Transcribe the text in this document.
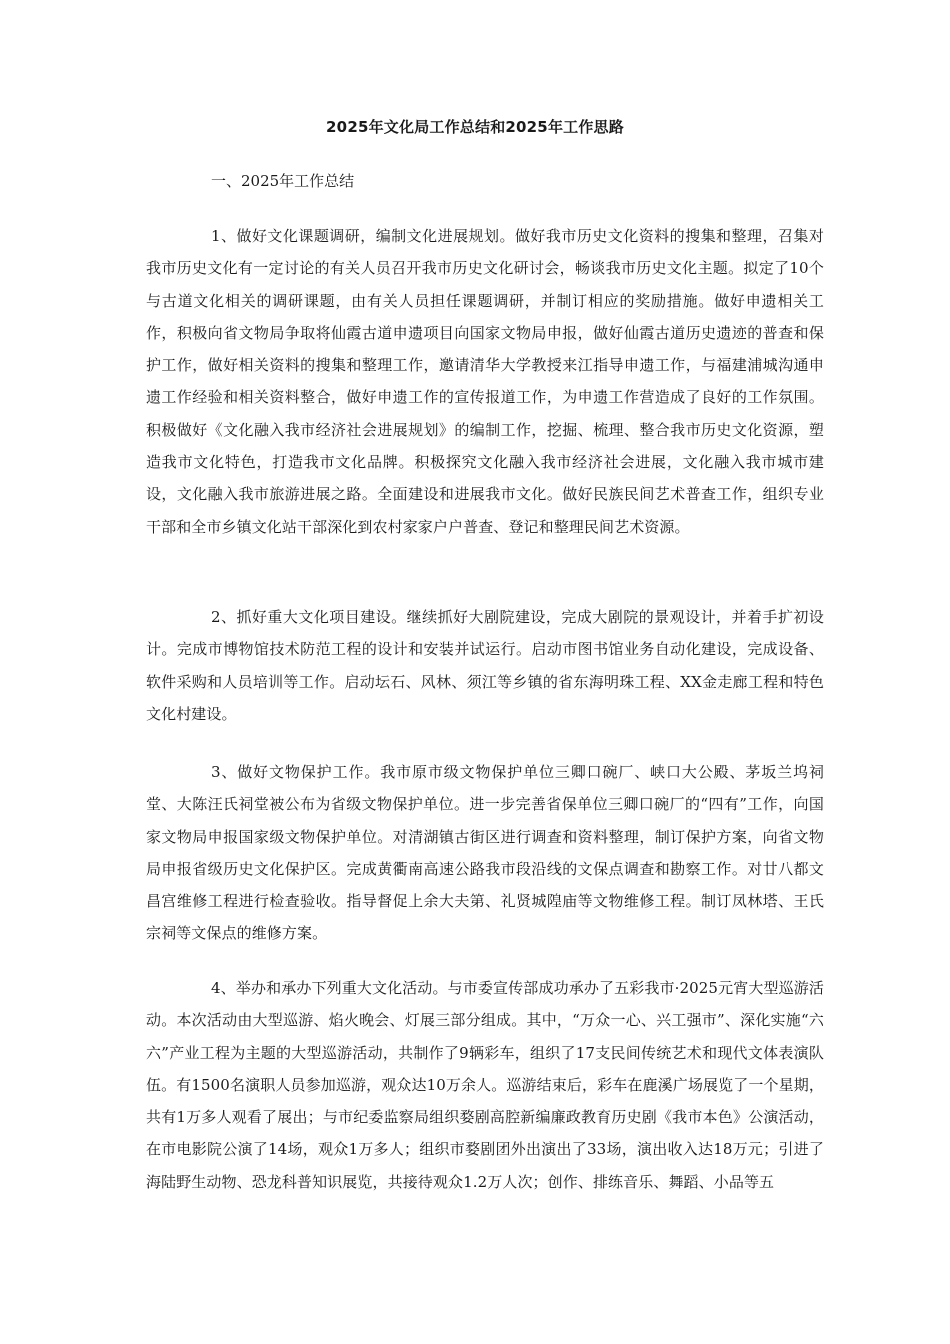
2025年文化局工作总结和2025年工作思路
一、2025年工作总结

1、做好文化课题调研，编制文化进展规划。做好我市历史文化资料的搜集和整理，召集对我市历史文化有一定讨论的有关人员召开我市历史文化研讨会，畅谈我市历史文化主题。拟定了10个与古道文化相关的调研课题，由有关人员担任课题调研，并制订相应的奖励措施。做好申遗相关工作，积极向省文物局争取将仙霞古道申遗项目向国家文物局申报，做好仙霞古道历史遗迹的普查和保护工作，做好相关资料的搜集和整理工作，邀请清华大学教授来江指导申遗工作，与福建浦城沟通申遗工作经验和相关资料整合，做好申遗工作的宣传报道工作，为申遗工作营造成了良好的工作氛围。积极做好《文化融入我市经济社会进展规划》的编制工作，挖掘、梳理、整合我市历史文化资源，塑造我市文化特色，打造我市文化品牌。积极探究文化融入我市经济社会进展，文化融入我市城市建设，文化融入我市旅游进展之路。全面建设和进展我市文化。做好民族民间艺术普查工作，组织专业干部和全市乡镇文化站干部深化到农村家家户户普查、登记和整理民间艺术资源。

2、抓好重大文化项目建设。继续抓好大剧院建设，完成大剧院的景观设计，并着手扩初设计。完成市博物馆技术防范工程的设计和安装并试运行。启动市图书馆业务自动化建设，完成设备、软件采购和人员培训等工作。启动坛石、风林、须江等乡镇的省东海明珠工程、XX金走廊工程和特色文化村建设。

3、做好文物保护工作。我市原市级文物保护单位三卿口碗厂、峡口大公殿、茅坂兰坞祠堂、大陈汪氏祠堂被公布为省级文物保护单位。进一步完善省保单位三卿口碗厂的“四有”工作，向国家文物局申报国家级文物保护单位。对清湖镇古街区进行调查和资料整理，制订保护方案，向省文物局申报省级历史文化保护区。完成黄衢南高速公路我市段沿线的文保点调查和勘察工作。对廿八都文昌宫维修工程进行检查验收。指导督促上余大夫第、礼贤城隍庙等文物维修工程。制订凤林塔、王氏宗祠等文保点的维修方案。

4、举办和承办下列重大文化活动。与市委宣传部成功承办了五彩我市·2025元宵大型巡游活动。本次活动由大型巡游、焰火晚会、灯展三部分组成。其中，“万众一心、兴工强市”、深化实施“六六”产业工程为主题的大型巡游活动，共制作了9辆彩车，组织了17支民间传统艺术和现代文体表演队伍。有1500名演职人员参加巡游，观众达10万余人。巡游结束后，彩车在鹿溪广场展览了一个星期，共有1万多人观看了展出；与市纪委监察局组织婺剧高腔新编廉政教育历史剧《我市本色》公演活动，在市电影院公演了14场，观众1万多人；组织市婺剧团外出演出了33场，演出收入达18万元；引进了海陆野生动物、恐龙科普知识展览，共接待观众1.2万人次；创作、排练音乐、舞蹈、小品等五
